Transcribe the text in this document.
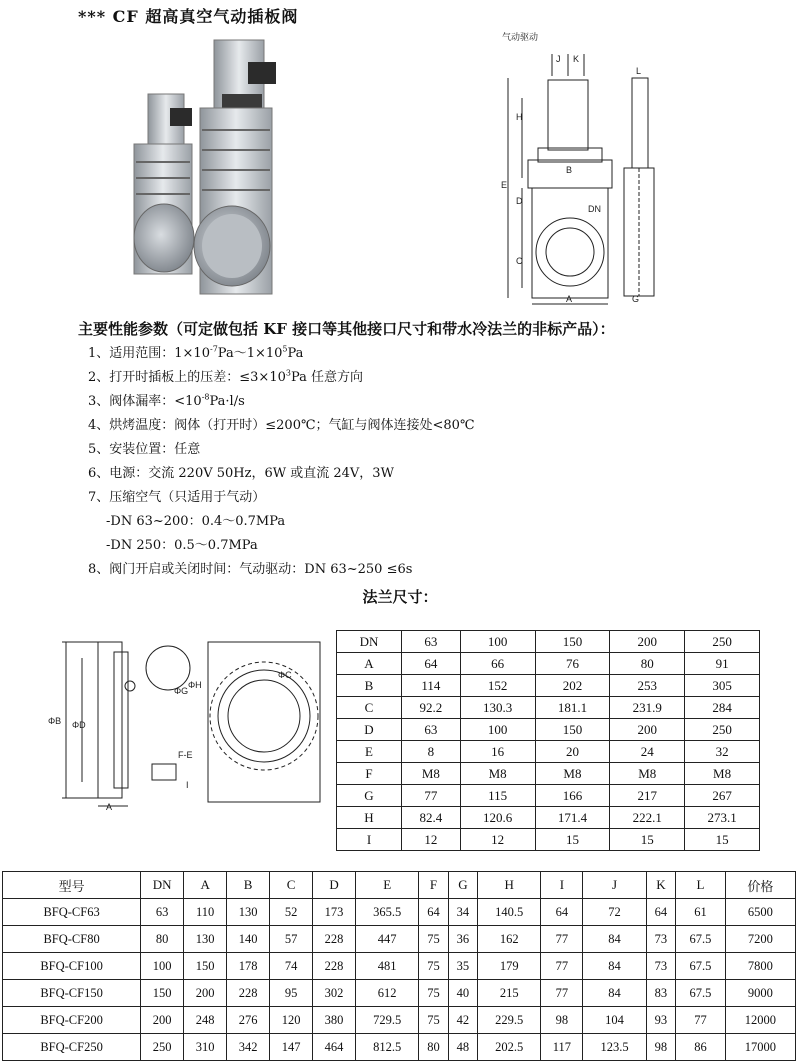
*** CF 超高真空气动插板阀
气动驱动
J K
L
H
B
E
D
C
A	G
DN
主要性能参数（可定做包括 KF 接口等其他接口尺寸和带水冷法兰的非标产品）：
1、适用范围：$1\times 10^{-7}Pa\sim 1\times 10^5Pa$
2、打开时插板上的压差：$\le 3\times 10^3Pa$ 任意方向
3、阀体漏率：$<10^{-8}Pa\cdot l/s$
4、烘烤温度：阀体（打开时）≤200℃；气缸与阀体连接处<80℃
5、安装位置：任意
6、电源：交流 220V 50Hz，6W 或直流 24V，3W
7、压缩空气（只适用于气动）
-DN 63~200：0.4～0.7MPa
-DN 250：0.5～0.7MPa
8、阀门开启或关闭时间：气动驱动：DN 63~250 ≤6s
法兰尺寸：
ΦB ΦD
ΦG
ΦH
A
F-E
I
ΦC
DN	63	100	150	200	250
A	64	66	76	80	91
B	114	152	202	253	305
C	92.2	130.3	181.1	231.9	284
D	63	100	150	200	250
E	8	16	20	24	32
F	M8	M8	M8	M8	M8
G	77	115	166	217	267
H	82.4	120.6	171.4	222.1	273.1
I	12	12	15	15	15
型号	DN	A	B	C	D	E	F	G	H	I	J	K	L	价格
BFQ-CF63	63	110	130	52	173	365.5	64	34	140.5	64	72	64	61	6500
BFQ-CF80	80	130	140	57	228	447	75	36	162	77	84	73	67.5	7200
BFQ-CF100	100	150	178	74	228	481	75	35	179	77	84	73	67.5	7800
BFQ-CF150	150	200	228	95	302	612	75	40	215	77	84	83	67.5	9000
BFQ-CF200	200	248	276	120	380	729.5	75	42	229.5	98	104	93	77	12000
BFQ-CF250	250	310	342	147	464	812.5	80	48	202.5	117	123.5	98	86	17000
